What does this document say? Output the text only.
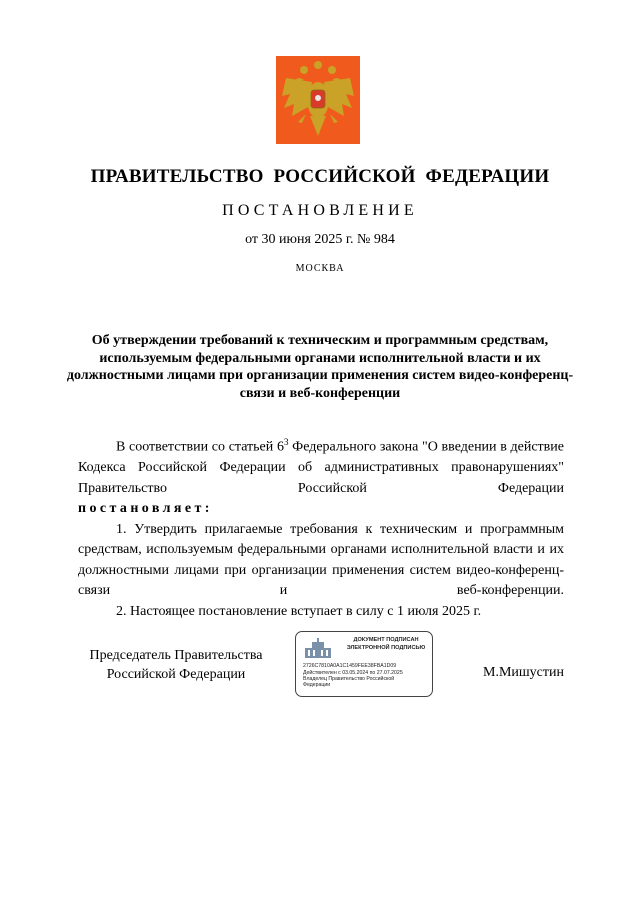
ПРАВИТЕЛЬСТВО РОССИЙСКОЙ ФЕДЕРАЦИИ
ПОСТАНОВЛЕНИЕ
от 30 июня 2025 г. № 984
МОСКВА
Об утверждении требований к техническим и программным средствам, используемым федеральными органами исполнительной власти и их должностными лицами при организации применения систем видео-конференц-связи и веб-конференции

В соответствии со статьей $6^3$ Федерального закона "О введении в действие Кодекса Российской Федерации об административных правонарушениях" Правительство Российской Федерации

постановляет:

1. Утвердить прилагаемые требования к техническим и программным средствам, используемым федеральными органами исполнительной власти и их должностными лицами при организации применения систем видео-конференц-связи и веб-конференции.

2. Настоящее постановление вступает в силу с 1 июля 2025 г.

Председатель Правительства
Российской Федерации
ДОКУМЕНТ ПОДПИСАН
ЭЛЕКТРОННОЙ ПОДПИСЬЮ
2726C7810A0A1C1459FEE38FBA1D09
Действителен с 03.05.2024 по 27.07.2025
Владелец Правительство Российской
Федерации
М.Мишустин
